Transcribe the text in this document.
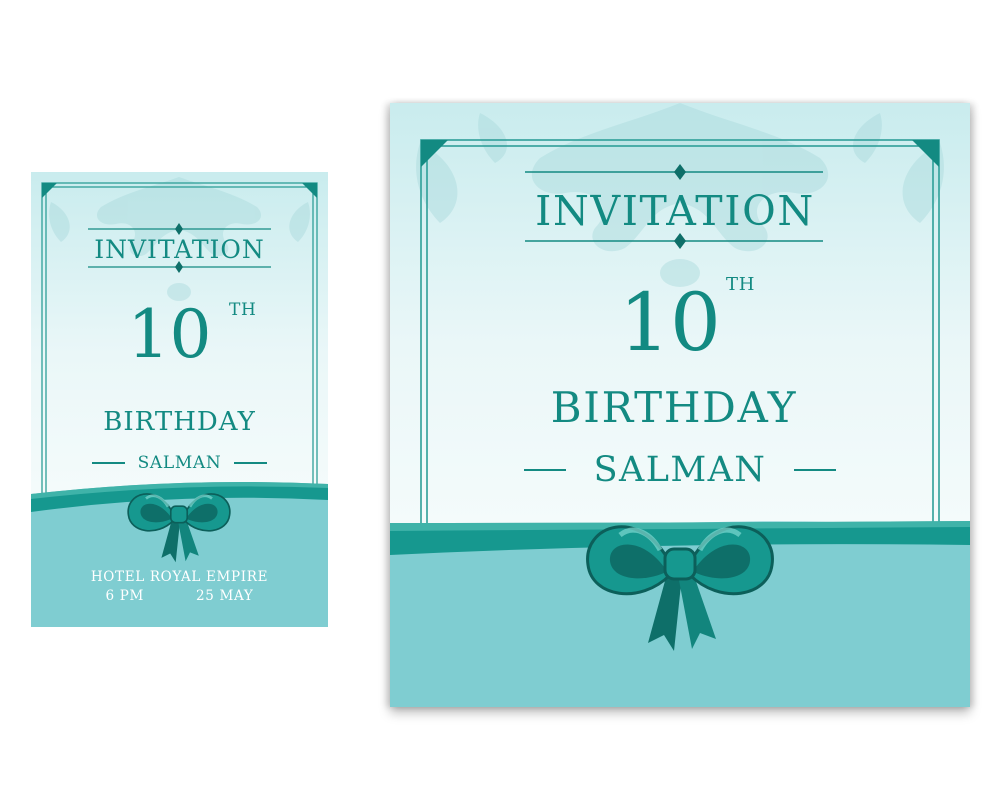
INVITATION
10	TH
BIRTHDAY
SALMAN
HOTEL ROYAL EMPIRE
6 PM	25 MAY
INVITATION
10 TH
BIRTHDAY
SALMAN
